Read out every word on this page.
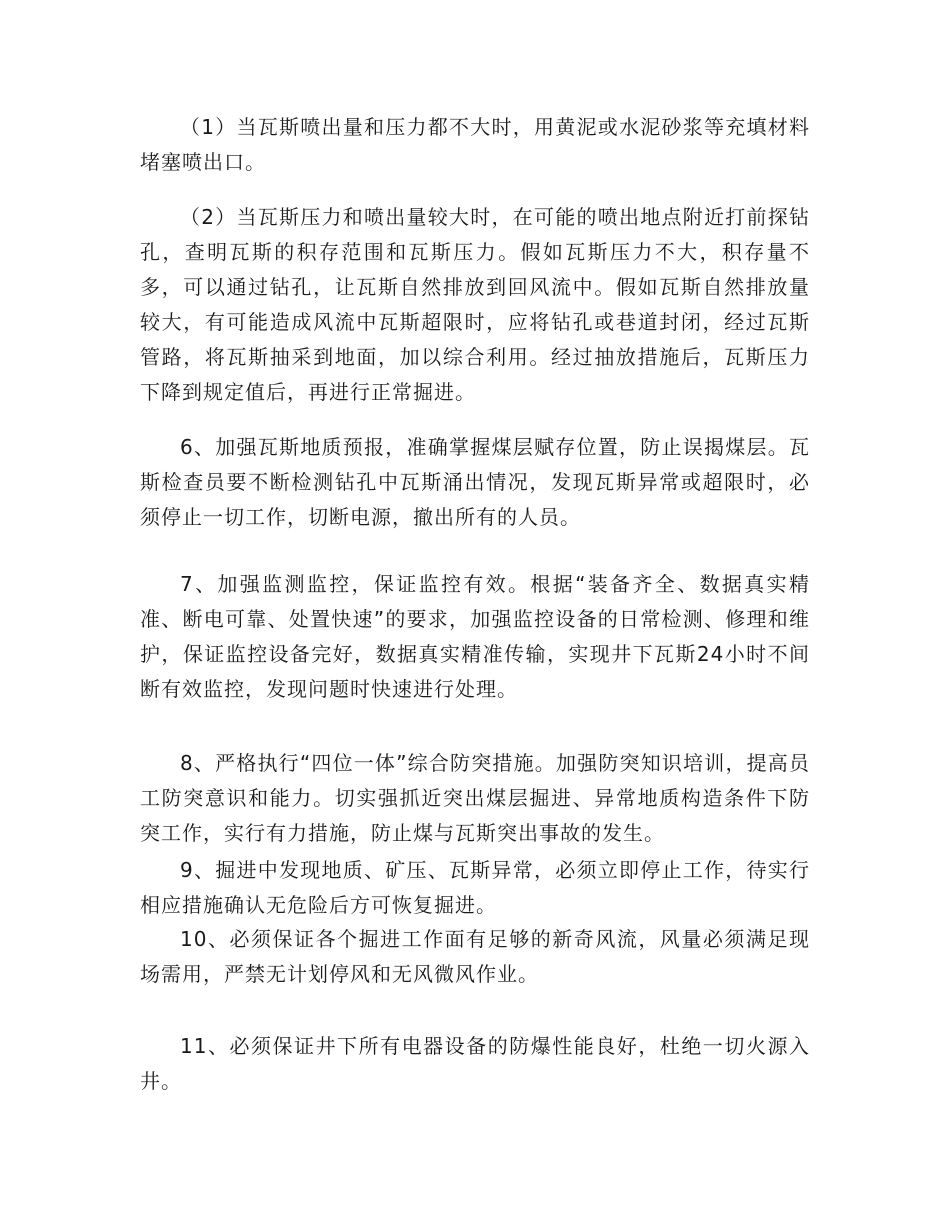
（1）当瓦斯喷出量和压力都不大时，用黄泥或水泥砂浆等充填材料堵塞喷出口。

（2）当瓦斯压力和喷出量较大时，在可能的喷出地点附近打前探钻孔，查明瓦斯的积存范围和瓦斯压力。假如瓦斯压力不大，积存量不多，可以通过钻孔，让瓦斯自然排放到回风流中。假如瓦斯自然排放量较大，有可能造成风流中瓦斯超限时，应将钻孔或巷道封闭，经过瓦斯管路，将瓦斯抽采到地面，加以综合利用。经过抽放措施后，瓦斯压力下降到规定值后，再进行正常掘进。

6、加强瓦斯地质预报，准确掌握煤层赋存位置，防止误揭煤层。瓦斯检查员要不断检测钻孔中瓦斯涌出情况，发现瓦斯异常或超限时，必须停止一切工作，切断电源，撤出所有的人员。

7、加强监测监控，保证监控有效。根据“装备齐全、数据真实精准、断电可靠、处置快速”的要求，加强监控设备的日常检测、修理和维护，保证监控设备完好，数据真实精准传输，实现井下瓦斯24小时不间断有效监控，发现问题时快速进行处理。

8、严格执行“四位一体”综合防突措施。加强防突知识培训，提高员工防突意识和能力。切实强抓近突出煤层掘进、异常地质构造条件下防突工作，实行有力措施，防止煤与瓦斯突出事故的发生。

9、掘进中发现地质、矿压、瓦斯异常，必须立即停止工作，待实行相应措施确认无危险后方可恢复掘进。

10、必须保证各个掘进工作面有足够的新奇风流，风量必须满足现场需用，严禁无计划停风和无风微风作业。

11、必须保证井下所有电器设备的防爆性能良好，杜绝一切火源入井。
